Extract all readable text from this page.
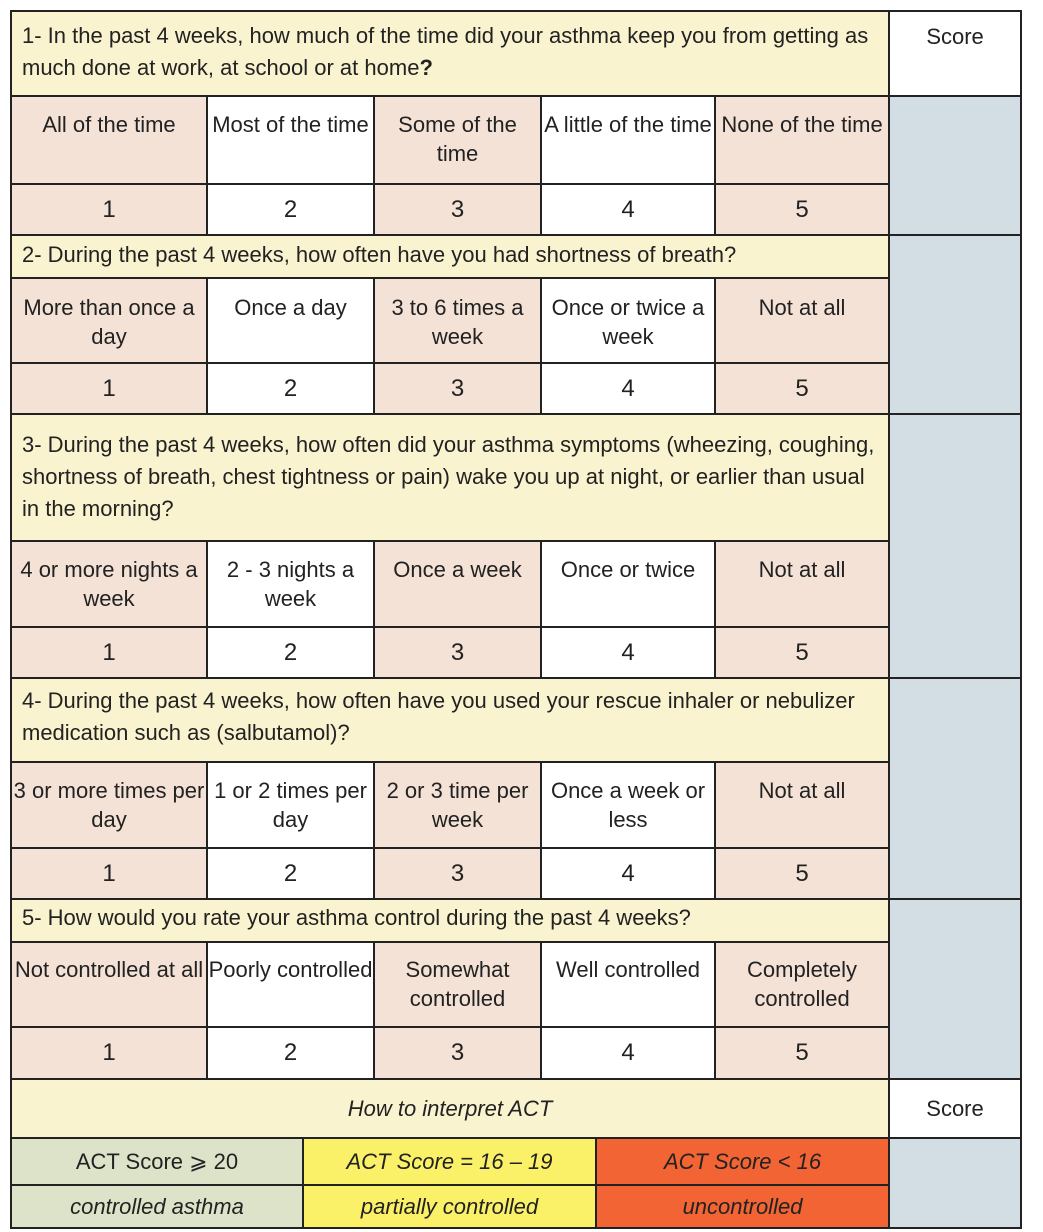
1- In the past 4 weeks, how much of the time did your asthma keep you from getting as much done at work, at school or at home?					Score
All of the time	Most of the time	Some of the time	A little of the time	None of the time	
1	2	3	4	5	
2- During the past 4 weeks, how often have you had shortness of breath?					
More than once a day	Once a day	3 to 6 times a week	Once or twice a week	Not at all	
1	2	3	4	5	
3- During the past 4 weeks, how often did your asthma symptoms (wheezing, coughing, shortness of breath, chest tightness or pain) wake you up at night, or earlier than usual in the morning?					
4 or more nights a week	2 - 3 nights a week	Once a week	Once or twice	Not at all	
1	2	3	4	5	
4- During the past 4 weeks, how often have you used your rescue inhaler or nebulizer medication such as (salbutamol)?					
3 or more times per day	1 or 2 times per day	2 or 3 time per week	Once a week or less	Not at all	
1	2	3	4	5	
5- How would you rate your asthma control during the past 4 weeks?					
Not controlled at all	Poorly controlled	Somewhat controlled	Well controlled	Completely controlled	
1	2	3	4	5	
How to interpret ACT			Score
ACT Score ⩾ 20	ACT Score = 16 – 19	ACT Score < 16	
controlled asthma	partially controlled	uncontrolled	
